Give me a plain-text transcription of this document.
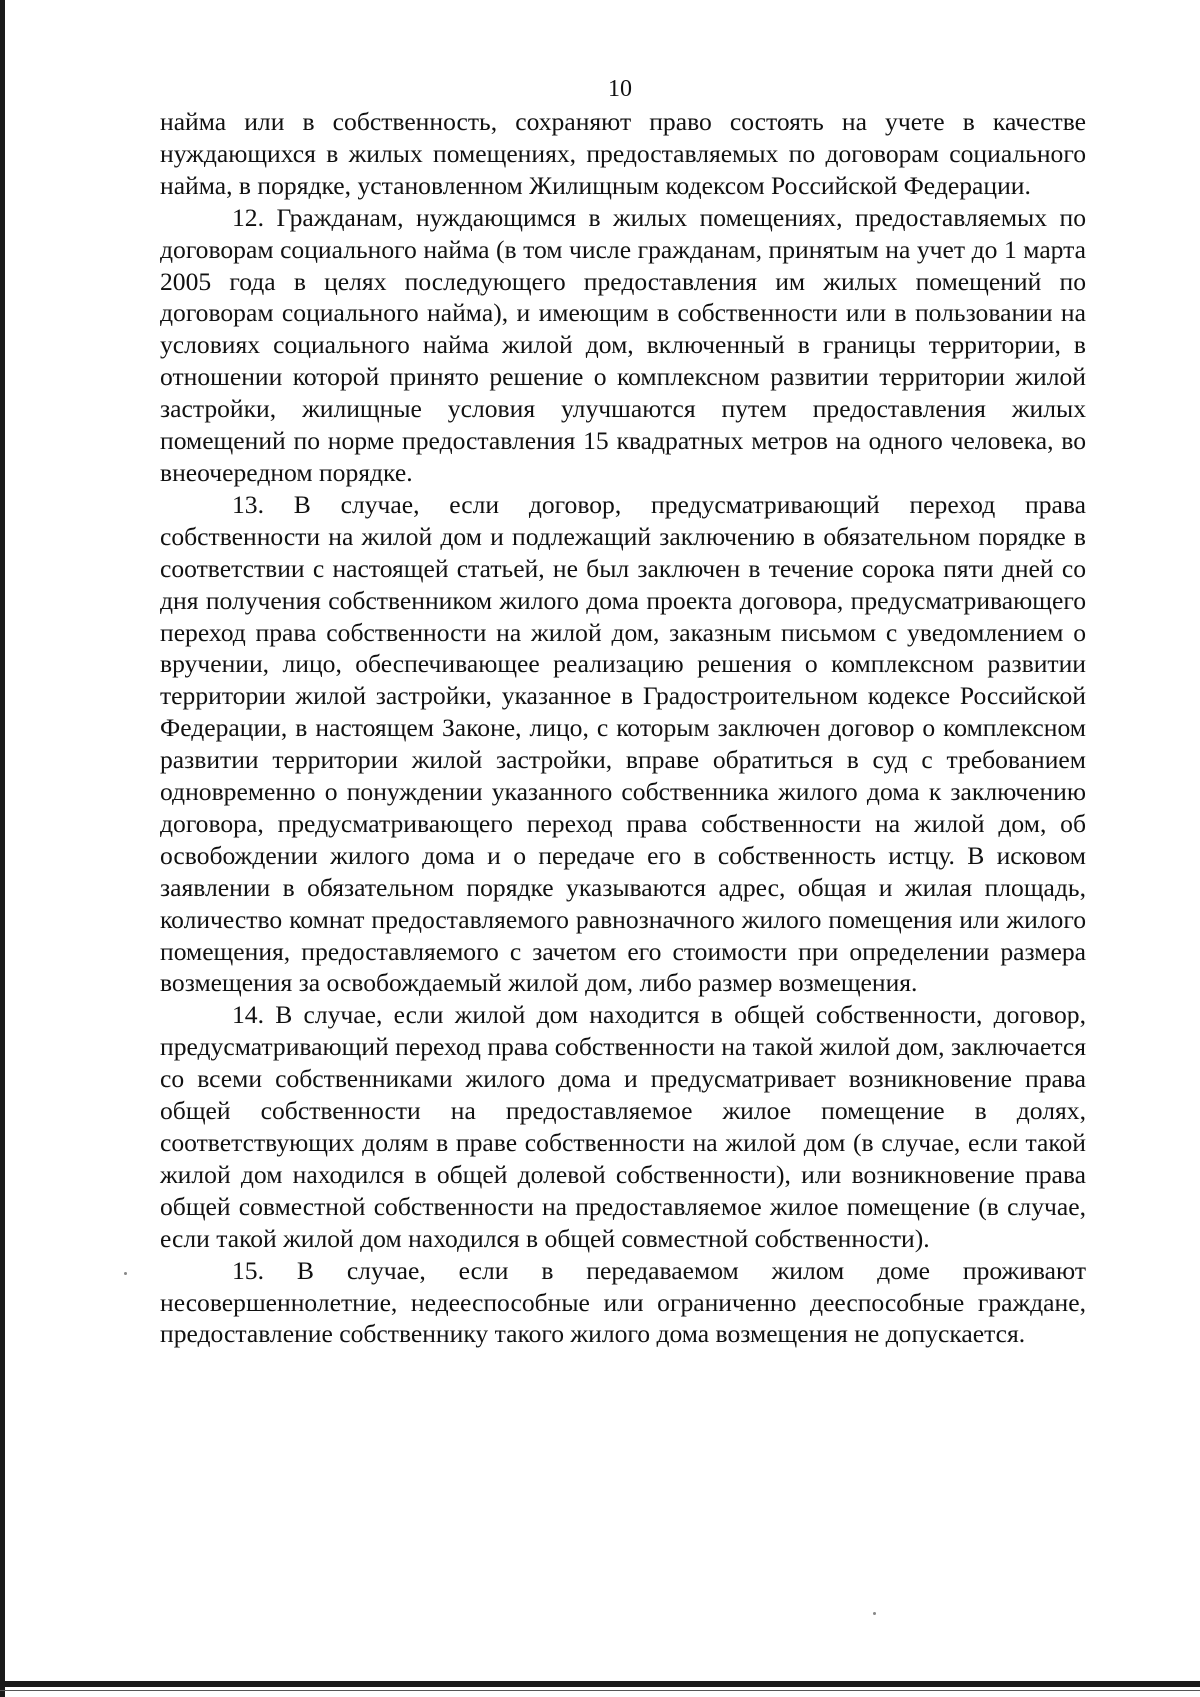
10

найма или в собственность, сохраняют право состоять на учете в качестве нуждающихся в жилых помещениях, предоставляемых по договорам социального найма, в порядке, установленном Жилищным кодексом Российской Федерации.

12. Гражданам, нуждающимся в жилых помещениях, предоставляемых по договорам социального найма (в том числе гражданам, принятым на учет до 1 марта 2005 года в целях последующего предоставления им жилых помещений по договорам социального найма), и имеющим в собственности или в пользовании на условиях социального найма жилой дом, включенный в границы территории, в отношении которой принято решение о комплексном развитии территории жилой застройки, жилищные условия улучшаются путем предоставления жилых помещений по норме предоставления 15 квадратных метров на одного человека, во внеочередном порядке.

13. В случае, если договор, предусматривающий переход права собственности на жилой дом и подлежащий заключению в обязательном порядке в соответствии с настоящей статьей, не был заключен в течение сорока пяти дней со дня получения собственником жилого дома проекта договора, предусматривающего переход права собственности на жилой дом, заказным письмом с уведомлением о вручении, лицо, обеспечивающее реализацию решения о комплексном развитии территории жилой застройки, указанное в Градостроительном кодексе Российской Федерации, в настоящем Законе, лицо, с которым заключен договор о комплексном развитии территории жилой застройки, вправе обратиться в суд с требованием одновременно о понуждении указанного собственника жилого дома к заключению договора, предусматривающего переход права собственности на жилой дом, об освобождении жилого дома и о передаче его в собственность истцу. В исковом заявлении в обязательном порядке указываются адрес, общая и жилая площадь, количество комнат предоставляемого равнозначного жилого помещения или жилого помещения, предоставляемого с зачетом его стоимости при определении размера возмещения за освобождаемый жилой дом, либо размер возмещения.

14. В случае, если жилой дом находится в общей собственности, договор, предусматривающий переход права собственности на такой жилой дом, заключается со всеми собственниками жилого дома и предусматривает возникновение права общей собственности на предоставляемое жилое помещение в долях, соответствующих долям в праве собственности на жилой дом (в случае, если такой жилой дом находился в общей долевой собственности), или возникновение права общей совместной собственности на предоставляемое жилое помещение (в случае, если такой жилой дом находился в общей совместной собственности).

15. В случае, если в передаваемом жилом доме проживают несовершеннолетние, недееспособные или ограниченно дееспособные граждане, предоставление собственнику такого жилого дома возмещения не допускается.
